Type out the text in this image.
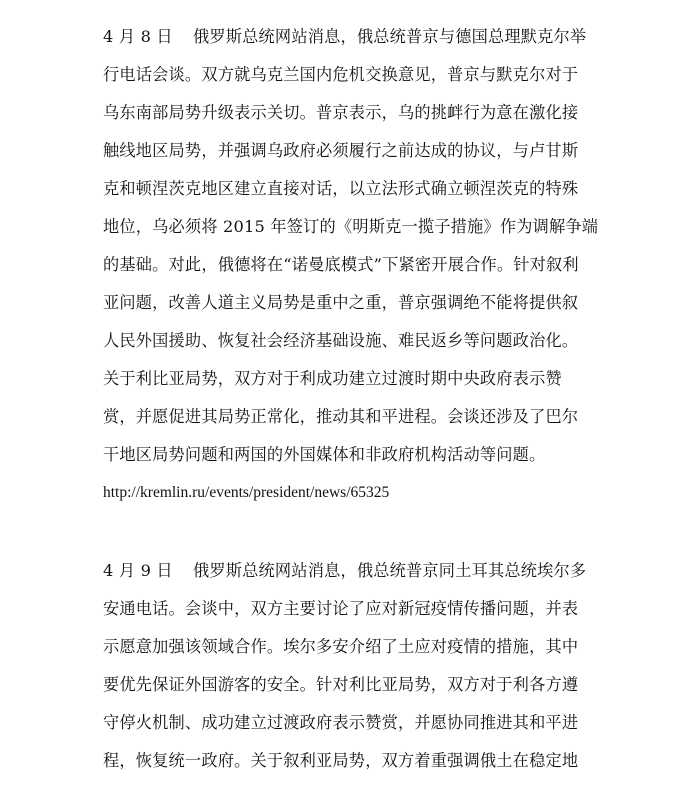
4 月 8 日 俄罗斯总统网站消息，俄总统普京与德国总理默克尔举
行电话会谈。双方就乌克兰国内危机交换意见，普京与默克尔对于
乌东南部局势升级表示关切。普京表示，乌的挑衅行为意在激化接
触线地区局势，并强调乌政府必须履行之前达成的协议，与卢甘斯
克和顿涅茨克地区建立直接对话，以立法形式确立顿涅茨克的特殊
地位，乌必须将 2015 年签订的《明斯克一揽子措施》作为调解争端
的基础。对此，俄德将在“诺曼底模式”下紧密开展合作。针对叙利
亚问题，改善人道主义局势是重中之重，普京强调绝不能将提供叙
人民外国援助、恢复社会经济基础设施、难民返乡等问题政治化。
关于利比亚局势，双方对于利成功建立过渡时期中央政府表示赞
赏，并愿促进其局势正常化，推动其和平进程。会谈还涉及了巴尔
干地区局势问题和两国的外国媒体和非政府机构活动等问题。
http://kremlin.ru/events/president/news/65325
4 月 9 日 俄罗斯总统网站消息，俄总统普京同土耳其总统埃尔多
安通电话。会谈中，双方主要讨论了应对新冠疫情传播问题，并表
示愿意加强该领域合作。埃尔多安介绍了土应对疫情的措施，其中
要优先保证外国游客的安全。针对利比亚局势，双方对于利各方遵
守停火机制、成功建立过渡政府表示赞赏，并愿协同推进其和平进
程，恢复统一政府。关于叙利亚局势，双方着重强调俄土在稳定地
